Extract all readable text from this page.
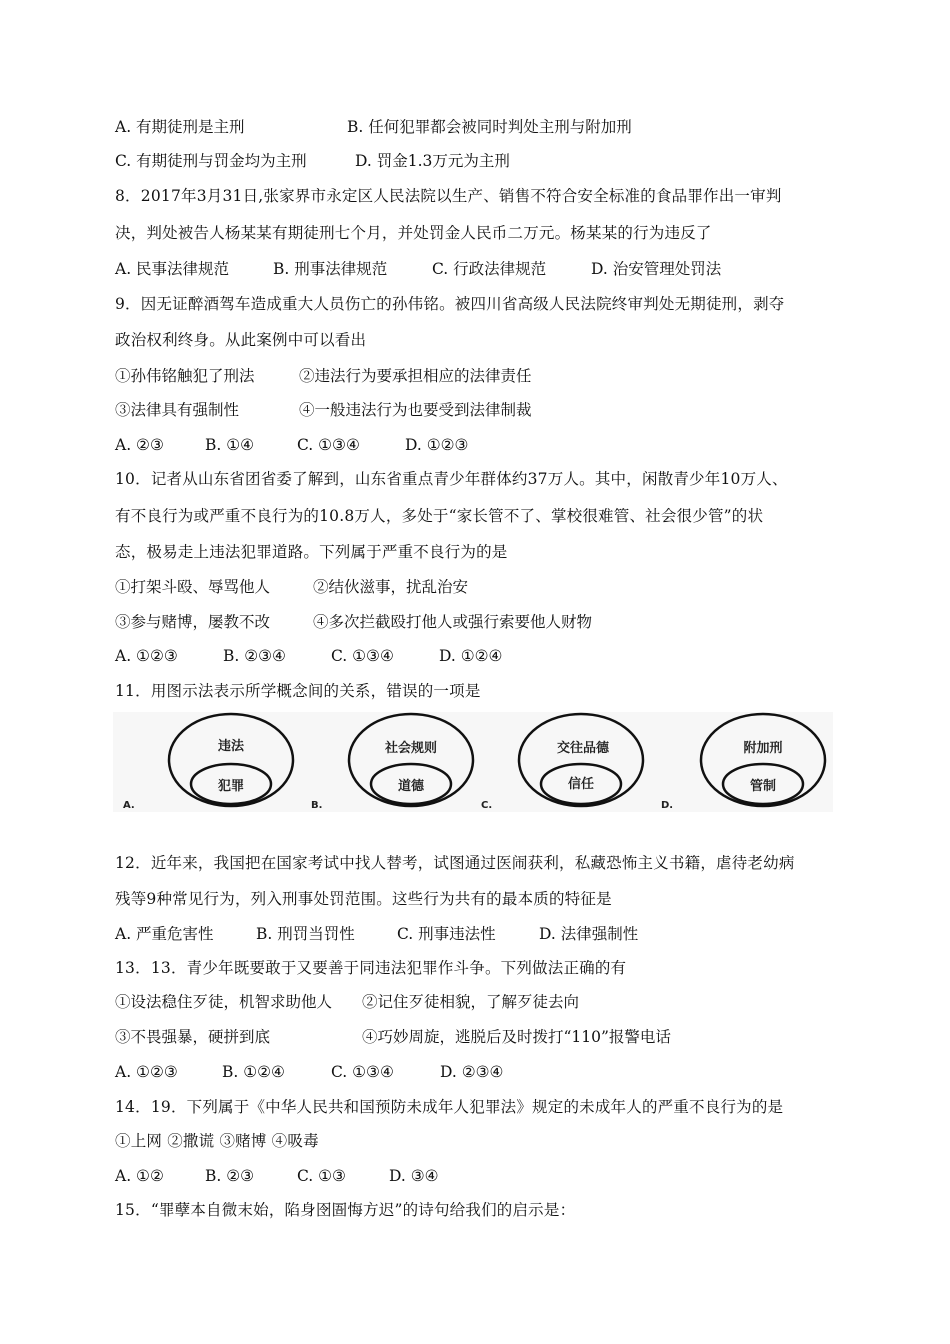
A. 有期徒刑是主刑	B. 任何犯罪都会被同时判处主刑与附加刑
C. 有期徒刑与罚金均为主刑	D. 罚金1.3万元为主刑
8．2017年3月31日,张家界市永定区人民法院以生产、销售不符合安全标准的食品罪作出一审判
决，判处被告人杨某某有期徒刑七个月，并处罚金人民币二万元。杨某某的行为违反了
A. 民事法律规范	B. 刑事法律规范	C. 行政法律规范	D. 治安管理处罚法
9．因无证醉酒驾车造成重大人员伤亡的孙伟铭。被四川省高级人民法院终审判处无期徒刑，剥夺
政治权利终身。从此案例中可以看出
①孙伟铭触犯了刑法	②违法行为要承担相应的法律责任
③法律具有强制性	④一般违法行为也要受到法律制裁
A. ②③	B. ①④	C. ①③④	D. ①②③
10．记者从山东省团省委了解到，山东省重点青少年群体约37万人。其中，闲散青少年10万人、
有不良行为或严重不良行为的10.8万人，多处于“家长管不了、掌校很难管、社会很少管”的状
态，极易走上违法犯罪道路。下列属于严重不良行为的是
①打架斗殴、辱骂他人	②结伙滋事，扰乱治安
③参与赌博，屡教不改	④多次拦截殴打他人或强行索要他人财物
A. ①②③	B. ②③④	C. ①③④	D. ①②④
11．用图示法表示所学概念间的关系，错误的一项是
违法
犯罪
A.
社会规则
道德
B.
交往品德
信任
C.
附加刑
管制
D.
12．近年来，我国把在国家考试中找人替考，试图通过医闹获利，私藏恐怖主义书籍，虐待老幼病
残等9种常见行为，列入刑事处罚范围。这些行为共有的最本质的特征是
A. 严重危害性	B. 刑罚当罚性	C. 刑事违法性	D. 法律强制性
13．13．青少年既要敢于又要善于同违法犯罪作斗争。下列做法正确的有
①设法稳住歹徒，机智求助他人 ②记住歹徒相貌，了解歹徒去向
③不畏强暴，硬拼到底	④巧妙周旋，逃脱后及时拨打“110”报警电话
A. ①②③	B. ①②④	C. ①③④	D. ②③④
14．19．下列属于《中华人民共和国预防未成年人犯罪法》规定的未成年人的严重不良行为的是
①上网 ②撒谎 ③赌博 ④吸毒
A. ①②	B. ②③	C. ①③	D. ③④
15．“罪孽本自微末始，陷身囹圄悔方迟”的诗句给我们的启示是：
